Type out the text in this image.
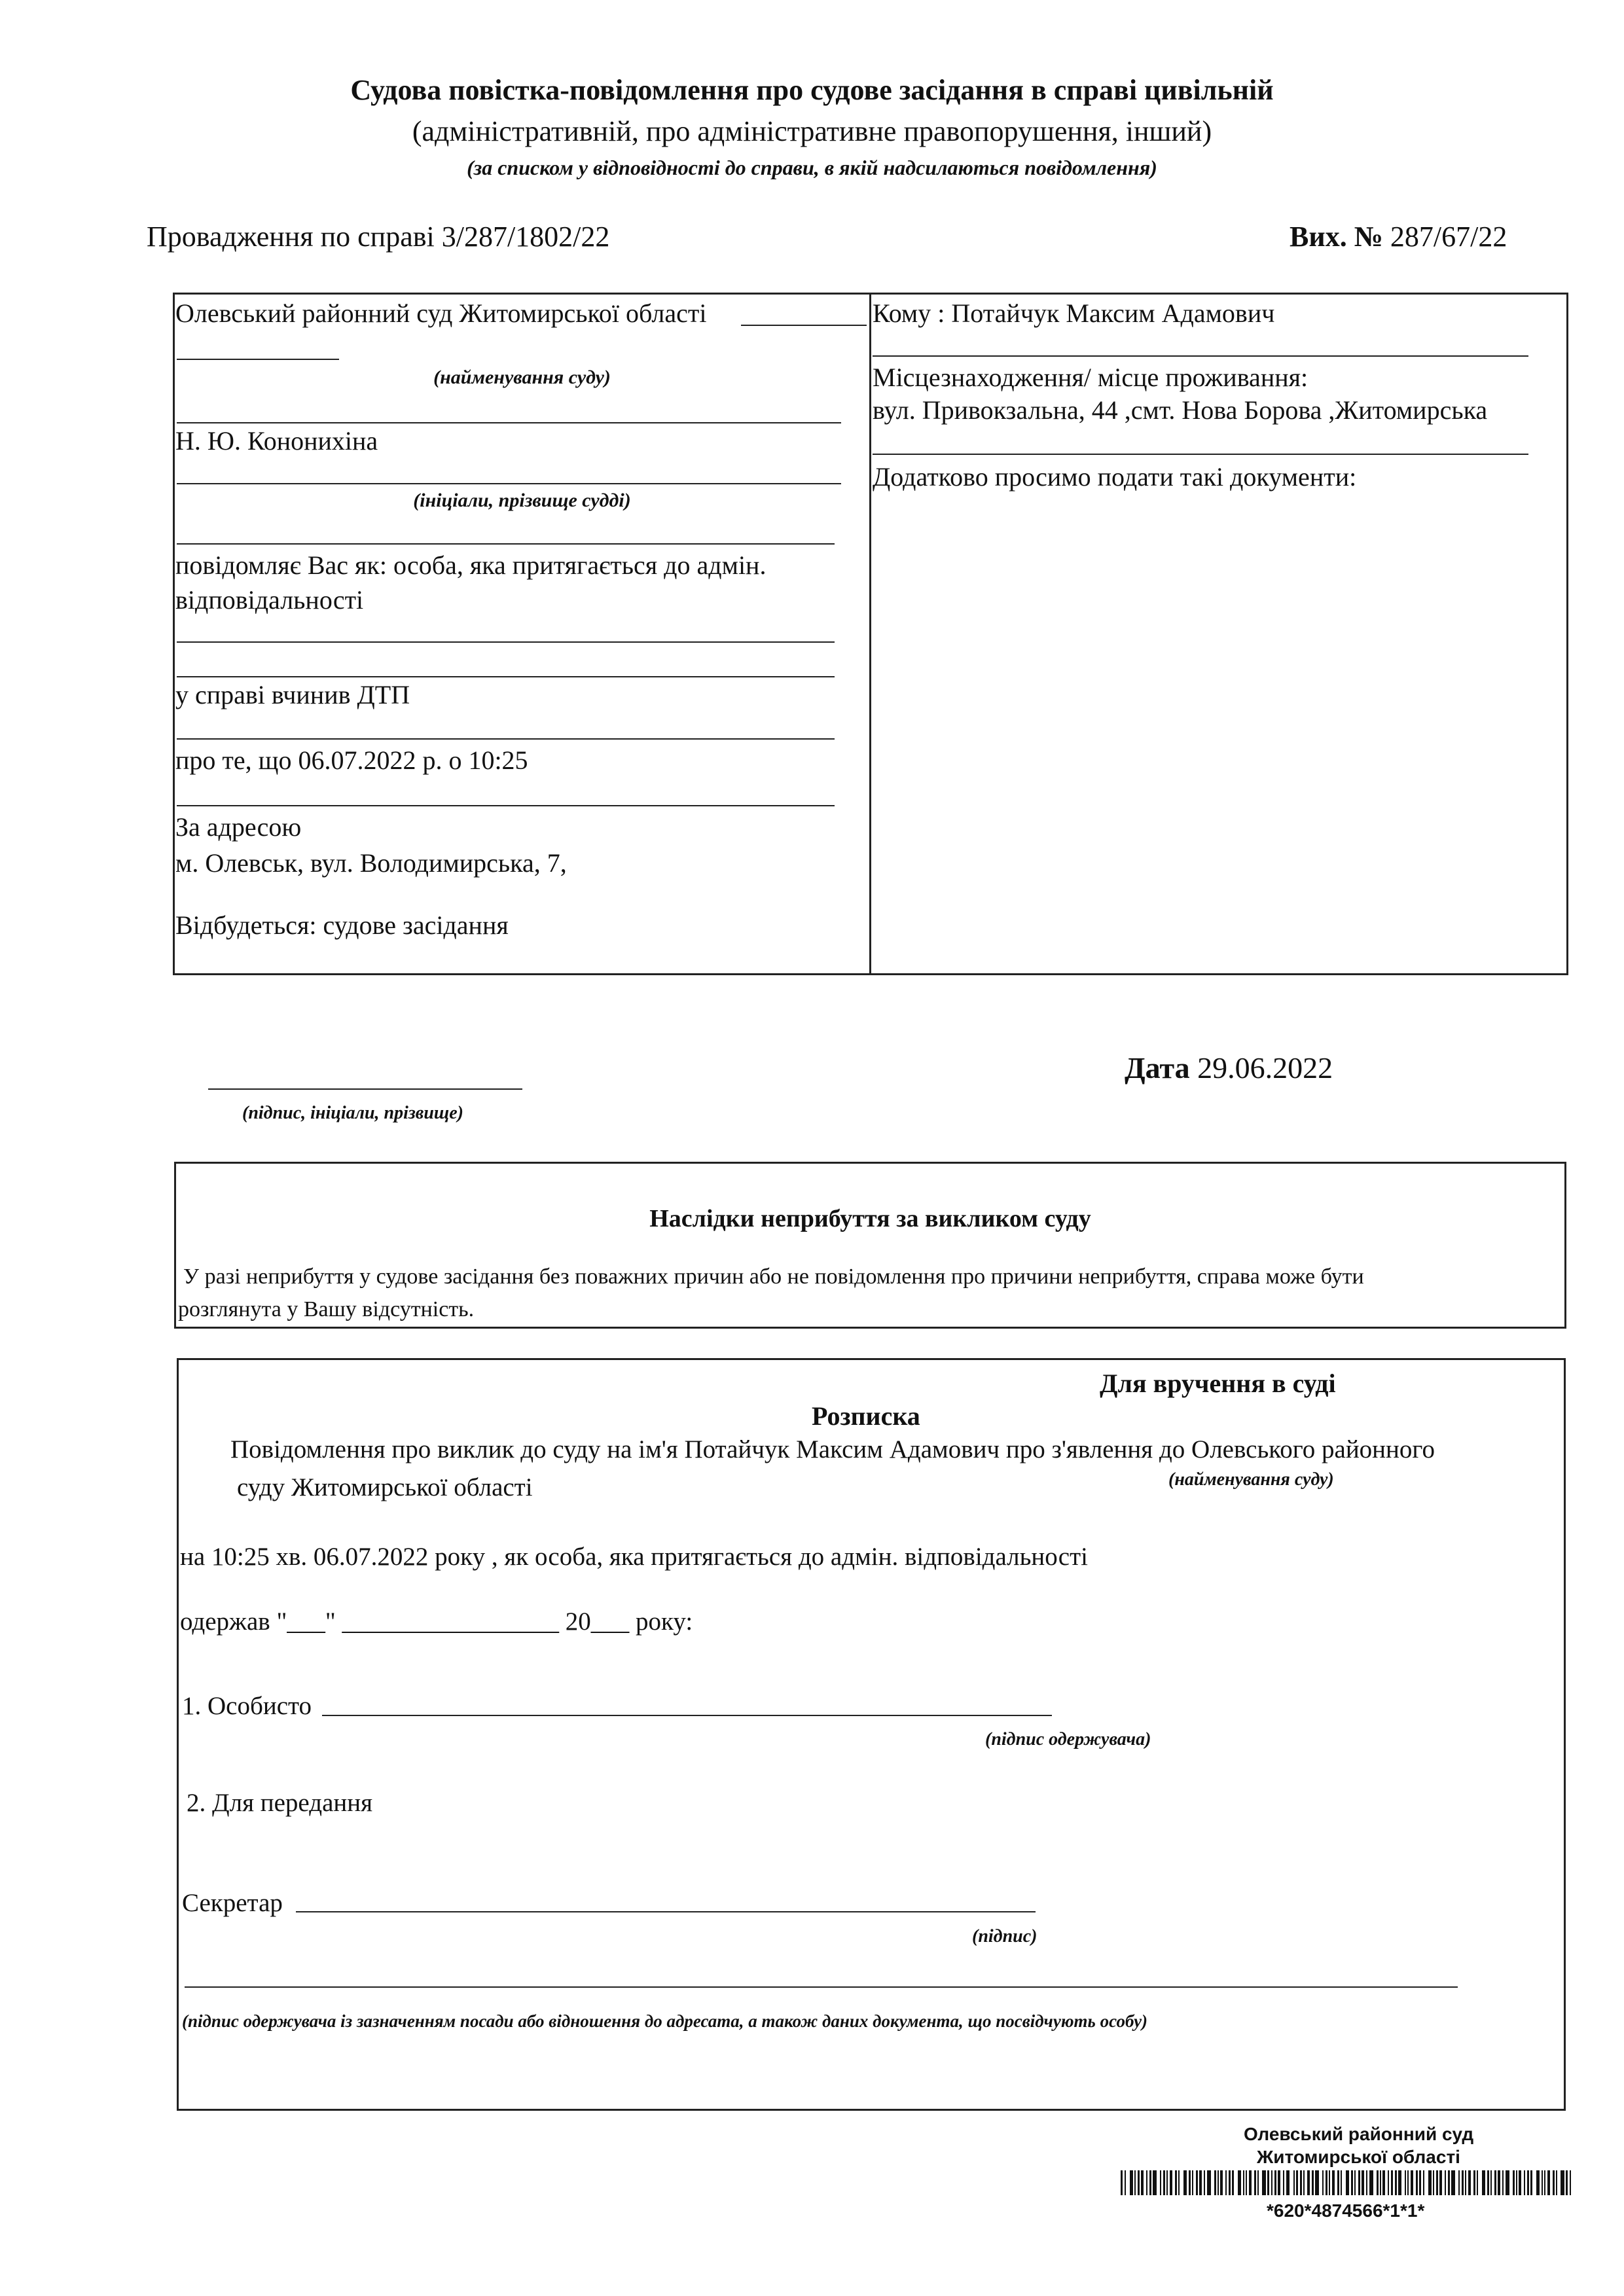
Судова повістка-повідомлення про судове засідання в справі цивільній
(адміністративній, про адміністративне правопорушення, інший)
(за списком у відповідності до справи, в якій надсилаються повідомлення)
Провадження по справі 3/287/1802/22	Вих. № 287/67/22
Олевський районний суд Житомирської області
(найменування суду)
Н. Ю. Кононихіна
(ініціали, прізвище судді)
повідомляє Вас як: особа, яка притягається до адмін.
відповідальності
у справі вчинив ДТП
про те, що 06.07.2022 р. о 10:25
За адресою
м. Олевськ, вул. Володимирська, 7,
Відбудеться: судове засідання
Кому : Потайчук Максим Адамович
Місцезнаходження/ місце проживання:
вул. Привокзальна, 44 ,смт. Нова Борова ,Житомирська
Додатково просимо подати такі документи:
(підпис, ініціали, прізвище)
Дата 29.06.2022
Наслідки неприбуття за викликом суду
У разі неприбуття у судове засідання без поважних причин або не повідомлення про причини неприбуття, справа може бути
розглянута у Вашу відсутність.
Для вручення в суді
Розписка
Повідомлення про виклик до суду на ім'я Потайчук Максим Адамович про з'явлення до Олевського районного
суду Житомирської області	(найменування суду)
на 10:25 хв. 06.07.2022 року , як особа, яка притягається до адмін. відповідальності
одержав "___" _________________ 20___ року:
1. Особисто
(підпис одержувача)
2. Для передання
Секретар
(підпис)
(підпис одержувача із зазначенням посади або відношення до адресата, а також даних документа, що посвідчують особу)
Олевський районний суд
Житомирської області
*620*4874566*1*1*
